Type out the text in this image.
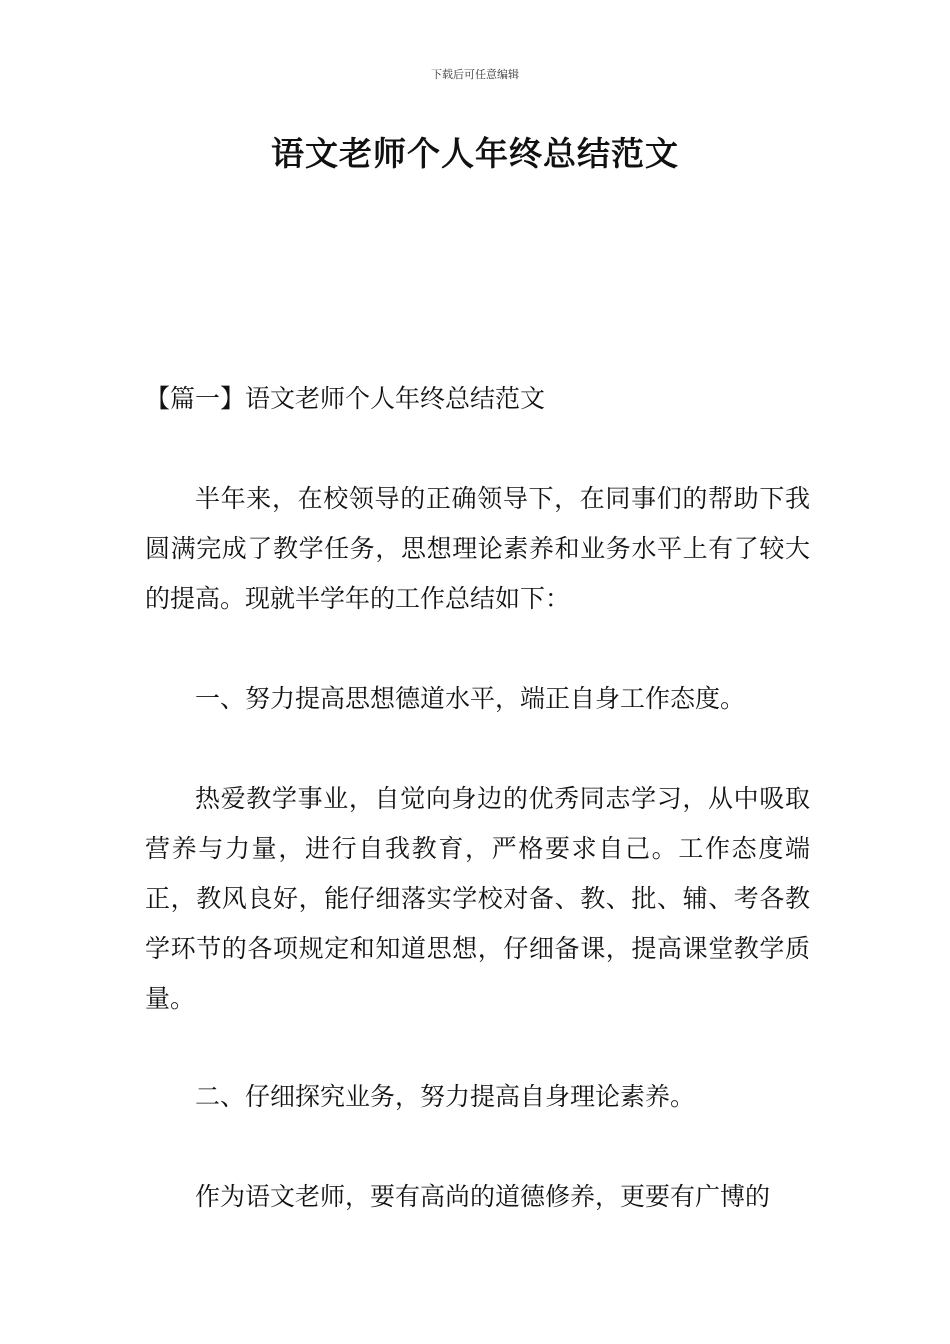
下载后可任意编辑
语文老师个人年终总结范文

【篇一】语文老师个人年终总结范文

半年来，在校领导的正确领导下，在同事们的帮助下我圆满完成了教学任务，思想理论素养和业务水平上有了较大的提高。现就半学年的工作总结如下：

一、努力提高思想德道水平，端正自身工作态度。

热爱教学事业，自觉向身边的优秀同志学习，从中吸取营养与力量，进行自我教育，严格要求自己。工作态度端正，教风良好，能仔细落实学校对备、教、批、辅、考各教学环节的各项规定和知道思想，仔细备课，提高课堂教学质量。

二、仔细探究业务，努力提高自身理论素养。

作为语文老师，要有高尚的道德修养，更要有广博的
